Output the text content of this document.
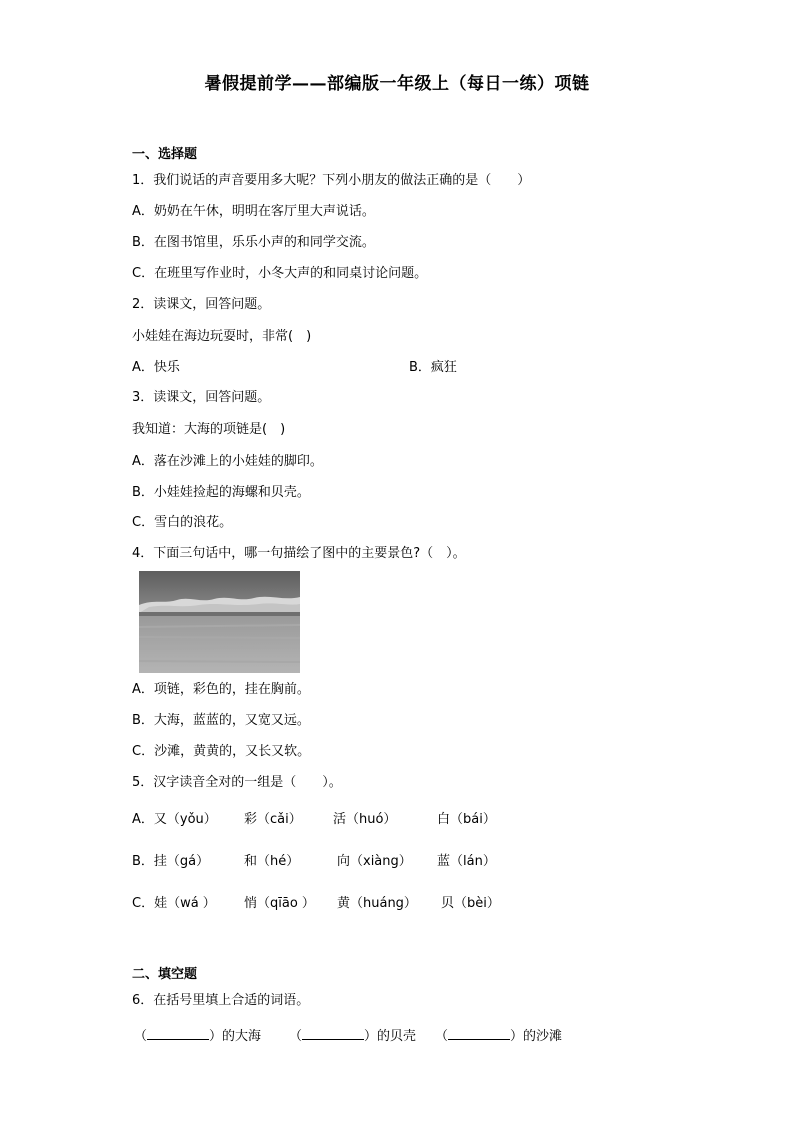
暑假提前学——部编版一年级上（每日一练）项链
一、选择题
1．我们说话的声音要用多大呢？下列小朋友的做法正确的是（　　）
A．奶奶在午休，明明在客厅里大声说话。
B．在图书馆里，乐乐小声的和同学交流。
C．在班里写作业时，小冬大声的和同桌讨论问题。
2．读课文，回答问题。
小娃娃在海边玩耍时，非常(　)
A．快乐	B．疯狂
3．读课文，回答问题。
我知道：大海的项链是(　)
A．落在沙滩上的小娃娃的脚印。
B．小娃娃捡起的海螺和贝壳。
C．雪白的浪花。
4．下面三句话中，哪一句描绘了图中的主要景色?（　）。
A．项链，彩色的，挂在胸前。
B．大海，蓝蓝的，又宽又远。
C．沙滩，黄黄的，又长又软。
5．汉字读音全对的一组是（　　）。
A．又（yǒu） 彩（cǎi） 活（huó）	白（bái）
B．挂（gá）	和（hé）	向（xiàng） 蓝（lán）
C．娃（wá ） 悄（qīāo ） 黄（huáng） 贝（bèi）
二、填空题
6．在括号里填上合适的词语。
（	）的大海 （	）的贝壳 （	）的沙滩
